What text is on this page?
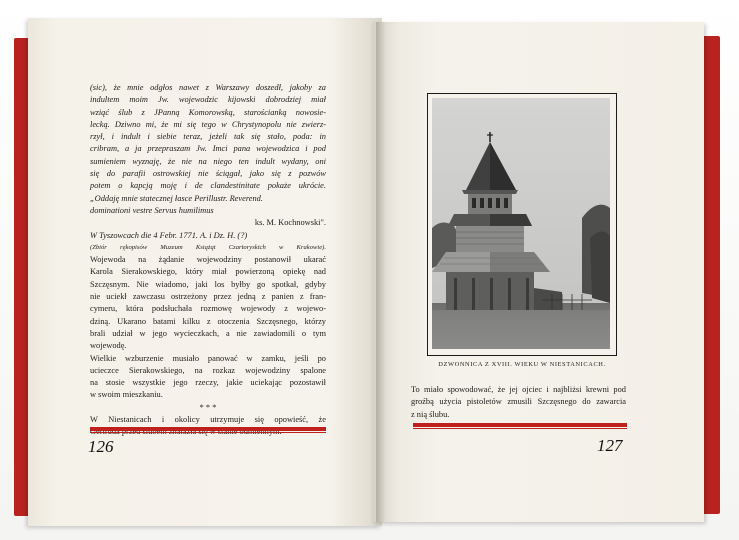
(sic), że mnie odgłos nawet z Warszawy doszedł, jakoby za
indultem moim Jw. wojewodzic kijowski dobrodziej miał
wziąć ślub z JPanną Komorowską, starościanką nowosie-
lecką. Dziwno mi, że mi się tego w Chrystynopolu nie zwierz-
rzył, i indult i siebie teraz, jeżeli tak się stało, poda: in
cribram, a ja przepraszam Jw. Imci pana wojewodzica i pod
sumieniem wyznaję, że nie na niego ten indult wydany, oni
się do parafii ostrowskiej nie ściągał, jako się z pozwów
potem o kapcją moję i de clandestinitate pokaże ukrócie.
„Oddaję mnie statecznej łasce Perillustr. Reverend.
dominationi vestre Servus humilimus
ks. M. Kochnowski".
W Tyszowcach die 4 Febr. 1771. A. i Dz. H. (?)
(Zbiór rękopisów Muzeum Książąt Czartoryskich w Krakowie).
Wojewoda na żądanie wojewodziny postanowił ukarać
Karola Sierakowskiego, który miał powierzoną opiekę nad
Szczęsnym. Nie wiadomo, jaki los byłby go spotkał, gdyby
nie uciekł zawczasu ostrzeżony przez jedną z panien z fran-
cymeru, która podsłuchała rozmowę wojewody z wojewo-
dziną. Ukarano batami kilku z otoczenia Szczęsnego, którzy
brali udział w jego wycieczkach, a nie zawiadomili o tym
wojewodę.
Wielkie wzburzenie musiało panować w zamku, jeśli po
ucieczce Sierakowskiego, na rozkaz wojewodziny spalone
na stosie wszystkie jego rzeczy, jakie uciekając pozostawił
w swoim mieszkaniu.
* * *
W Niestanicach i okolicy utrzymuje się opowieść, że
126
DZWONNICA Z XVIII. WIEKU W NIESTANICACH.
To miało spowodować, że jej ojciec i najbliżsi krewni pod
groźbą użycia pistoletów zmusili Szczęsnego do zawarcia
z nią ślubu.
127
